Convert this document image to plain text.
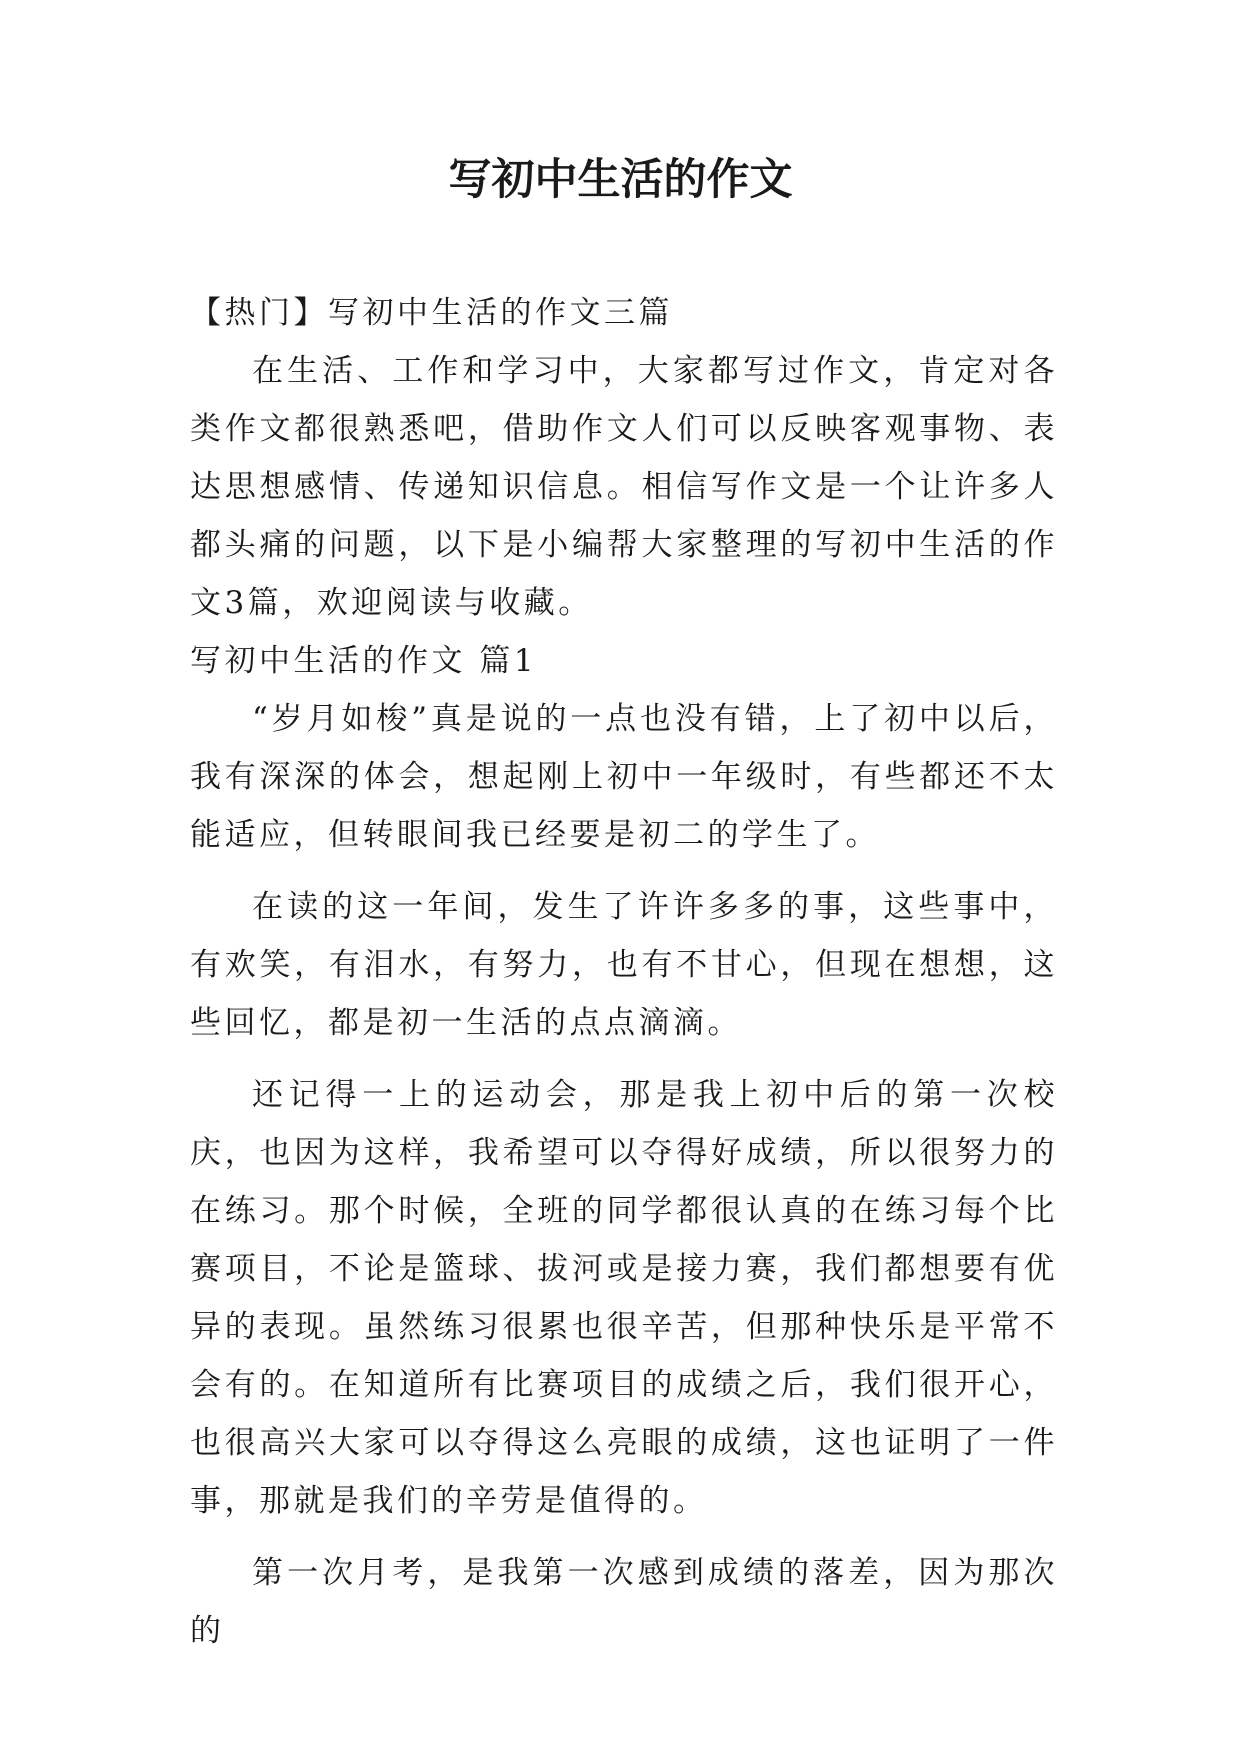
写初中生活的作文

【热门】写初中生活的作文三篇

在生活、工作和学习中，大家都写过作文，肯定对各类作文都很熟悉吧，借助作文人们可以反映客观事物、表达思想感情、传递知识信息。相信写作文是一个让许多人都头痛的问题，以下是小编帮大家整理的写初中生活的作文3篇，欢迎阅读与收藏。

写初中生活的作文 篇1

“岁月如梭”真是说的一点也没有错，上了初中以后，我有深深的体会，想起刚上初中一年级时，有些都还不太能适应，但转眼间我已经要是初二的学生了。

在读的这一年间，发生了许许多多的事，这些事中，有欢笑，有泪水，有努力，也有不甘心，但现在想想，这些回忆，都是初一生活的点点滴滴。

还记得一上的运动会，那是我上初中后的第一次校庆，也因为这样，我希望可以夺得好成绩，所以很努力的在练习。那个时候，全班的同学都很认真的在练习每个比赛项目，不论是篮球、拔河或是接力赛，我们都想要有优异的表现。虽然练习很累也很辛苦，但那种快乐是平常不会有的。在知道所有比赛项目的成绩之后，我们很开心，也很高兴大家可以夺得这么亮眼的成绩，这也证明了一件事，那就是我们的辛劳是值得的。

第一次月考，是我第一次感到成绩的落差，因为那次的
